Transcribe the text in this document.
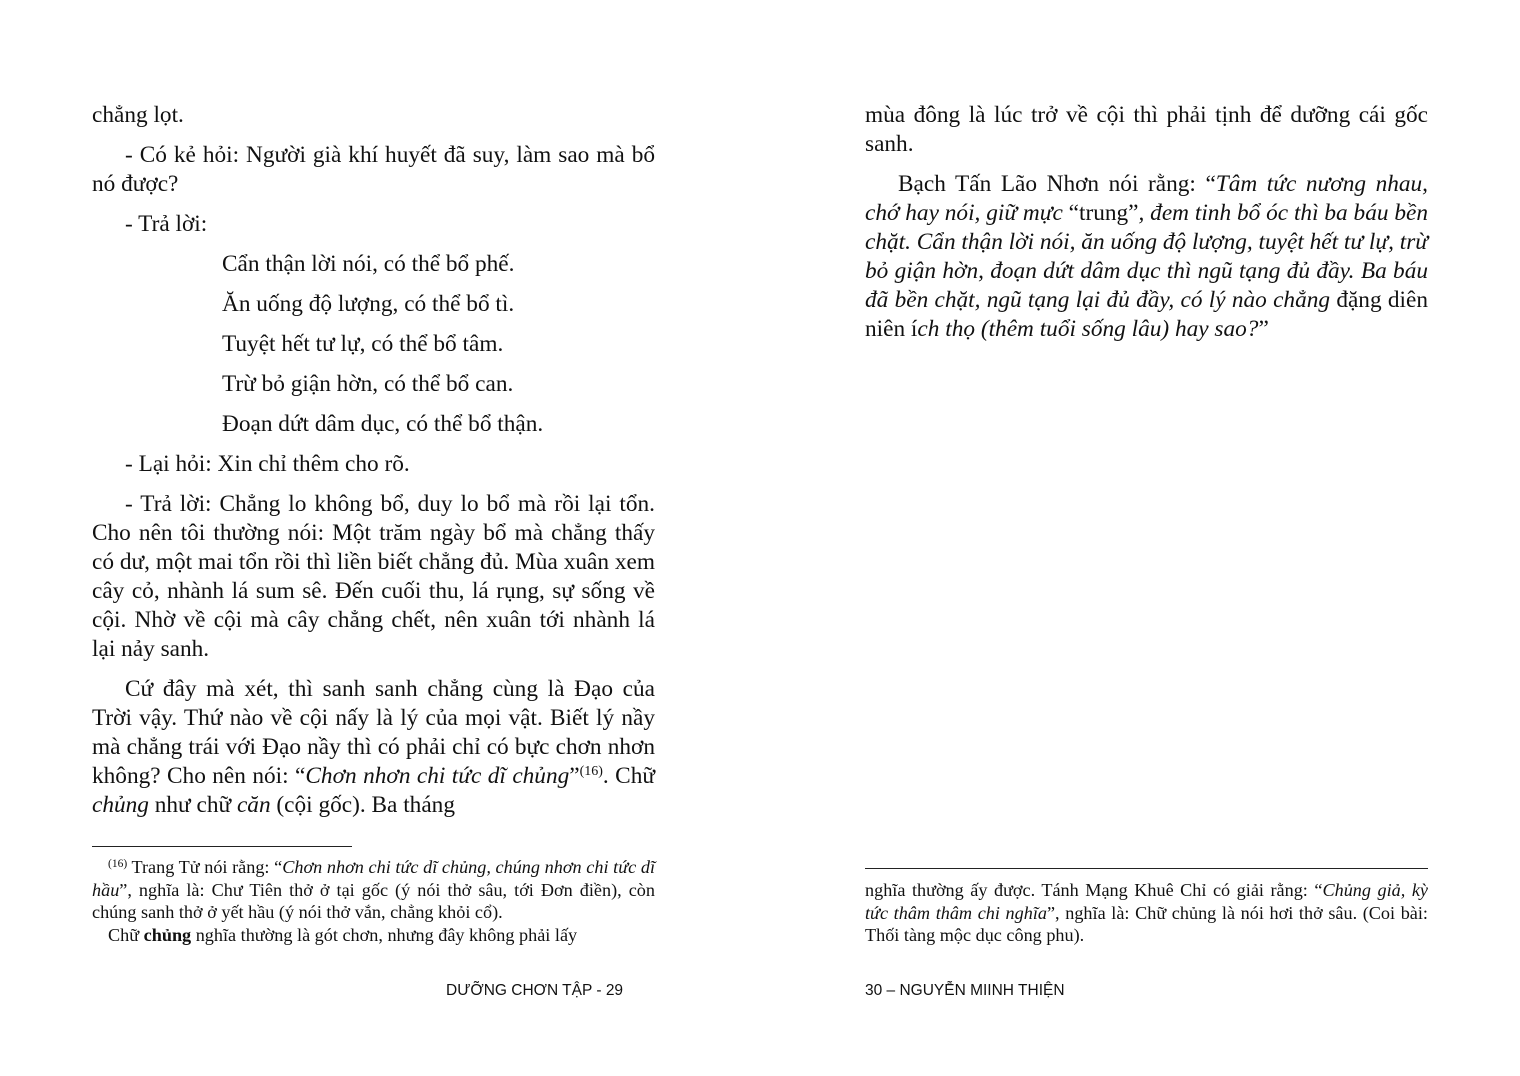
chẳng lọt.

- Có kẻ hỏi: Người già khí huyết đã suy, làm sao mà bổ nó được?

- Trả lời:

Cẩn thận lời nói, có thể bổ phế.

Ăn uống độ lượng, có thể bổ tì.

Tuyệt hết tư lự, có thể bổ tâm.

Trừ bỏ giận hờn, có thể bổ can.

Đoạn dứt dâm dục, có thể bổ thận.

- Lại hỏi: Xin chỉ thêm cho rõ.

- Trả lời: Chẳng lo không bổ, duy lo bổ mà rồi lại tổn. Cho nên tôi thường nói: Một trăm ngày bổ mà chẳng thấy có dư, một mai tổn rồi thì liền biết chẳng đủ. Mùa xuân xem cây cỏ, nhành lá sum sê. Đến cuối thu, lá rụng, sự sống về cội. Nhờ về cội mà cây chẳng chết, nên xuân tới nhành lá lại nảy sanh.

Cứ đây mà xét, thì sanh sanh chẳng cùng là Đạo của Trời vậy. Thứ nào về cội nấy là lý của mọi vật. Biết lý nầy mà chẳng trái với Đạo nầy thì có phải chỉ có bực chơn nhơn không? Cho nên nói: “Chơn nhơn chi tức dĩ chủng”$^{(16)}$. Chữ chủng như chữ căn (cội gốc). Ba tháng

$^{(16)}$ Trang Tử nói rằng: “Chơn nhơn chi tức dĩ chủng, chúng nhơn chi tức dĩ hầu”, nghĩa là: Chư Tiên thở ở tại gốc (ý nói thở sâu, tới Đơn điền), còn chúng sanh thở ở yết hầu (ý nói thở vắn, chẳng khỏi cổ).

Chữ chủng nghĩa thường là gót chơn, nhưng đây không phải lấy

DƯỠNG CHƠN TẬP - 29

mùa đông là lúc trở về cội thì phải tịnh để dưỡng cái gốc sanh.

Bạch Tấn Lão Nhơn nói rằng: “Tâm tức nương nhau, chớ hay nói, giữ mực “trung”, đem tinh bổ óc thì ba báu bền chặt. Cẩn thận lời nói, ăn uống độ lượng, tuyệt hết tư lự, trừ bỏ giận hờn, đoạn dứt dâm dục thì ngũ tạng đủ đầy. Ba báu đã bền chặt, ngũ tạng lại đủ đầy, có lý nào chẳng đặng diên niên ích thọ (thêm tuổi sống lâu) hay sao?”

nghĩa thường ấy được. Tánh Mạng Khuê Chỉ có giải rằng: “Chủng giả, kỳ tức thâm thâm chi nghĩa”, nghĩa là: Chữ chủng là nói hơi thở sâu. (Coi bài: Thối tàng mộc dục công phu).

30 – NGUYỄN MIINH THIỆN
